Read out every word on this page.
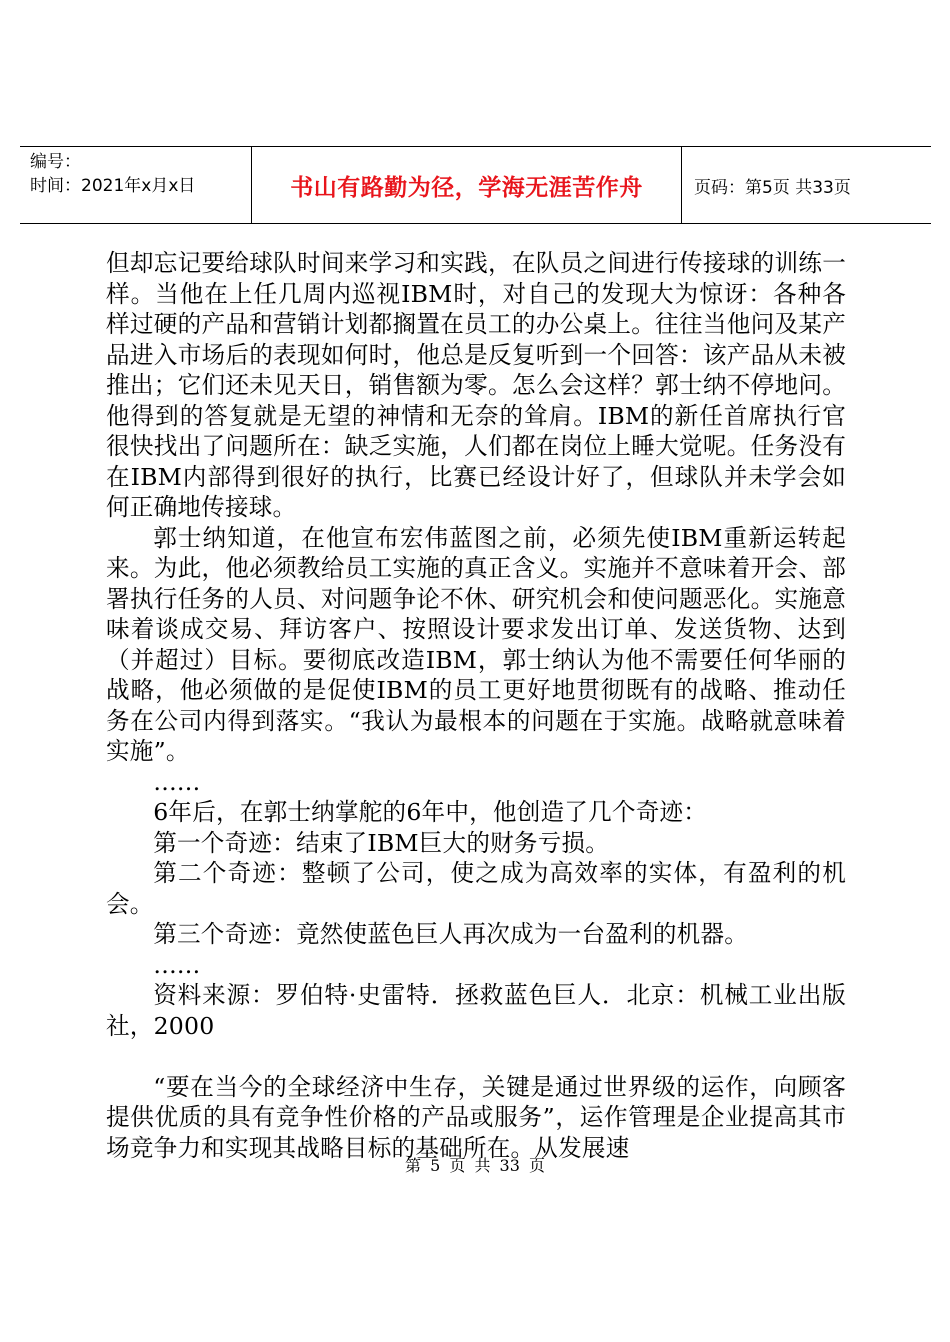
编号：
时间：2021年x月x日	书山有路勤为径，学海无涯苦作舟	页码：第5页 共33页

但却忘记要给球队时间来学习和实践，在队员之间进行传接球的训练一样。当他在上任几周内巡视IBM时，对自己的发现大为惊讶：各种各样过硬的产品和营销计划都搁置在员工的办公桌上。往往当他问及某产品进入市场后的表现如何时，他总是反复听到一个回答：该产品从未被推出；它们还未见天日，销售额为零。怎么会这样？郭士纳不停地问。他得到的答复就是无望的神情和无奈的耸肩。IBM的新任首席执行官很快找出了问题所在：缺乏实施，人们都在岗位上睡大觉呢。任务没有在IBM内部得到很好的执行，比赛已经设计好了，但球队并未学会如何正确地传接球。

郭士纳知道，在他宣布宏伟蓝图之前，必须先使IBM重新运转起来。为此，他必须教给员工实施的真正含义。实施并不意味着开会、部署执行任务的人员、对问题争论不休、研究机会和使问题恶化。实施意味着谈成交易、拜访客户、按照设计要求发出订单、发送货物、达到（并超过）目标。要彻底改造IBM，郭士纳认为他不需要任何华丽的战略，他必须做的是促使IBM的员工更好地贯彻既有的战略、推动任务在公司内得到落实。“我认为最根本的问题在于实施。战略就意味着实施”。

……

6年后，在郭士纳掌舵的6年中，他创造了几个奇迹：

第一个奇迹：结束了IBM巨大的财务亏损。

第二个奇迹：整顿了公司，使之成为高效率的实体，有盈利的机会。

第三个奇迹：竟然使蓝色巨人再次成为一台盈利的机器。

……

资料来源：罗伯特·史雷特．拯救蓝色巨人．北京：机械工业出版社，2000

“要在当今的全球经济中生存，关键是通过世界级的运作，向顾客提供优质的具有竞争性价格的产品或服务”，运作管理是企业提高其市场竞争力和实现其战略目标的基础所在。从发展速

第 5 页 共 33 页
